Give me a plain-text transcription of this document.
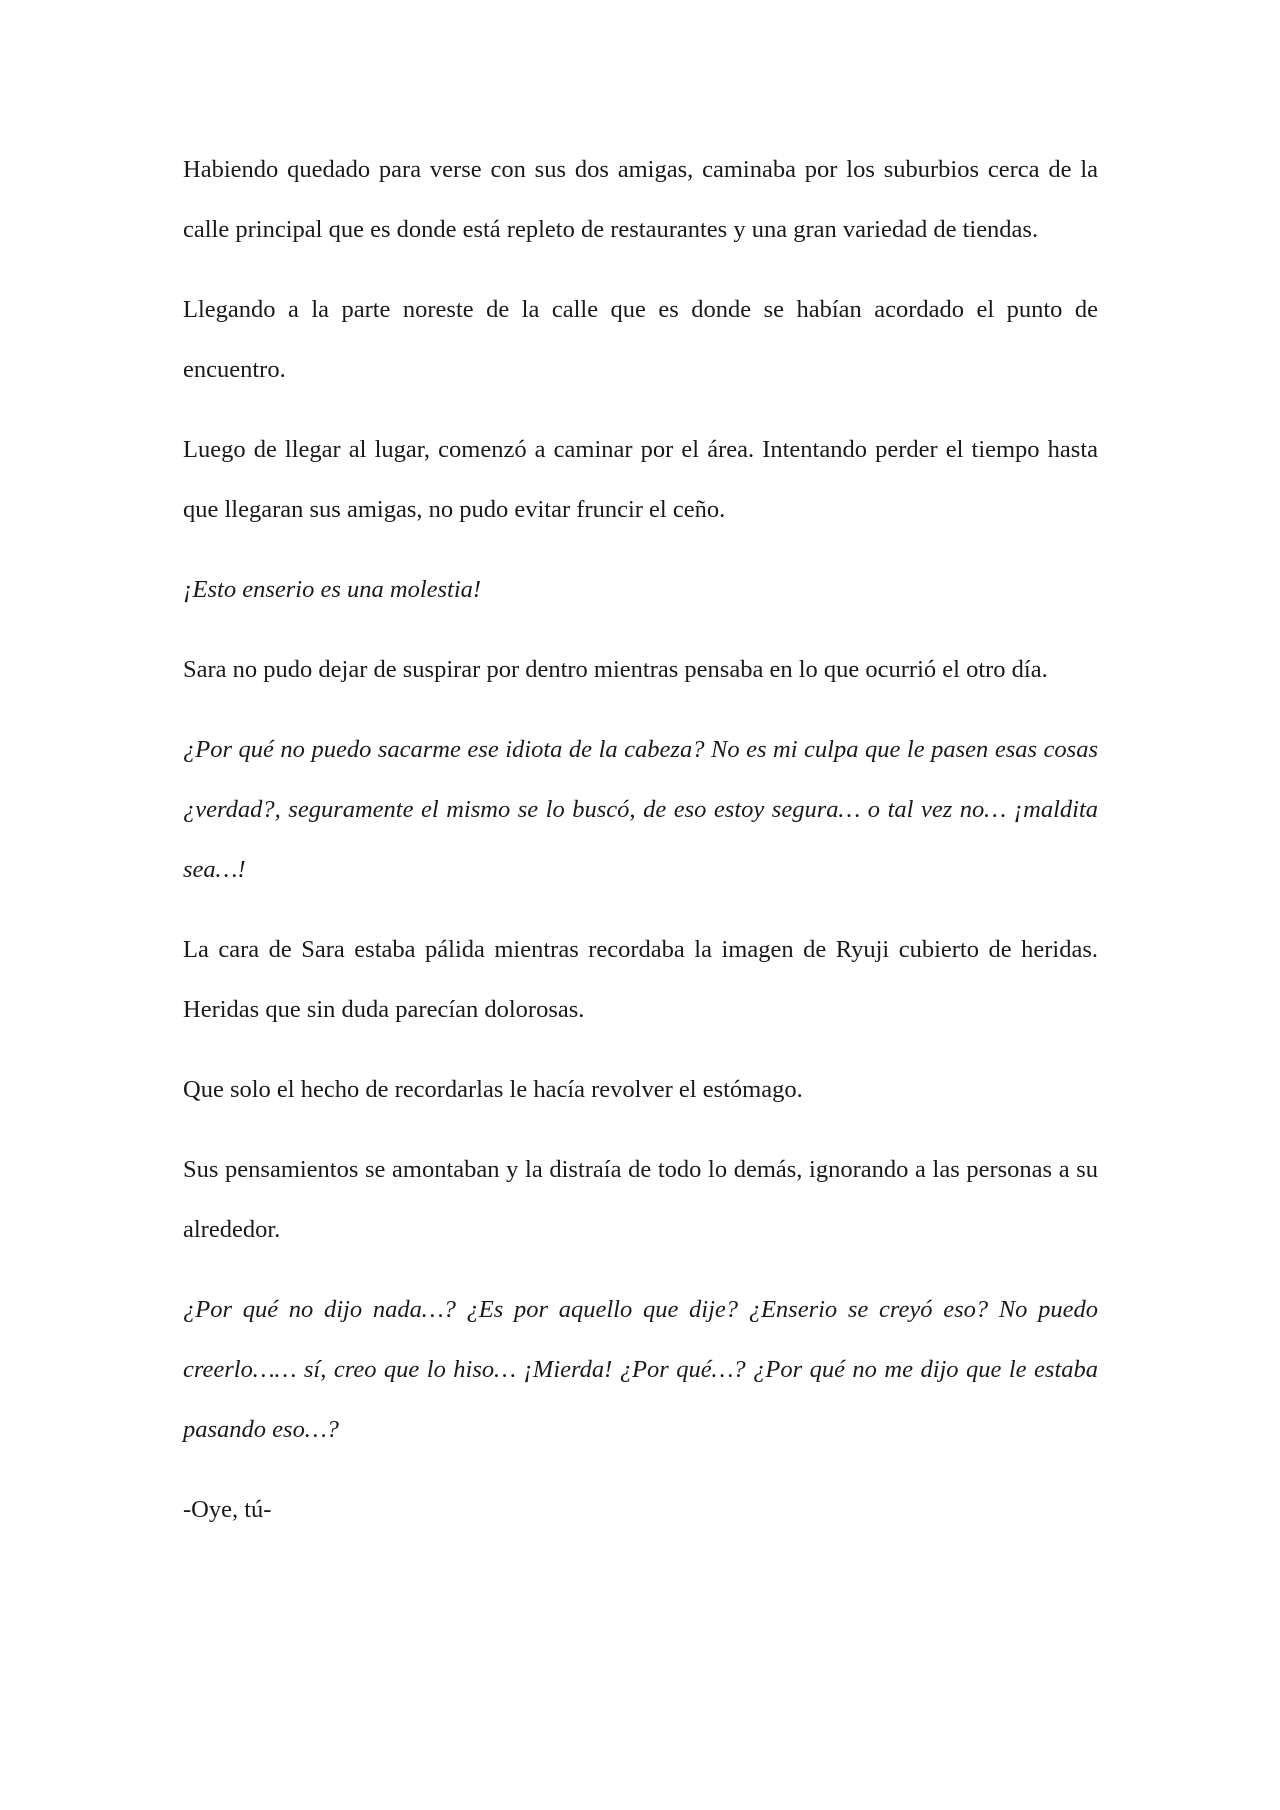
Habiendo quedado para verse con sus dos amigas, caminaba por los suburbios cerca de la calle principal que es donde está repleto de restaurantes y una gran variedad de tiendas.

Llegando a la parte noreste de la calle que es donde se habían acordado el punto de encuentro.

Luego de llegar al lugar, comenzó a caminar por el área. Intentando perder el tiempo hasta que llegaran sus amigas, no pudo evitar fruncir el ceño.

¡Esto enserio es una molestia!

Sara no pudo dejar de suspirar por dentro mientras pensaba en lo que ocurrió el otro día.

¿Por qué no puedo sacarme ese idiota de la cabeza? No es mi culpa que le pasen esas cosas ¿verdad?, seguramente el mismo se lo buscó, de eso estoy segura… o tal vez no… ¡maldita sea…!

La cara de Sara estaba pálida mientras recordaba la imagen de Ryuji cubierto de heridas. Heridas que sin duda parecían dolorosas.

Que solo el hecho de recordarlas le hacía revolver el estómago.

Sus pensamientos se amontaban y la distraía de todo lo demás, ignorando a las personas a su alrededor.

¿Por qué no dijo nada…? ¿Es por aquello que dije? ¿Enserio se creyó eso? No puedo creerlo…… sí, creo que lo hiso… ¡Mierda! ¿Por qué…? ¿Por qué no me dijo que le estaba pasando eso…?

-Oye, tú-
